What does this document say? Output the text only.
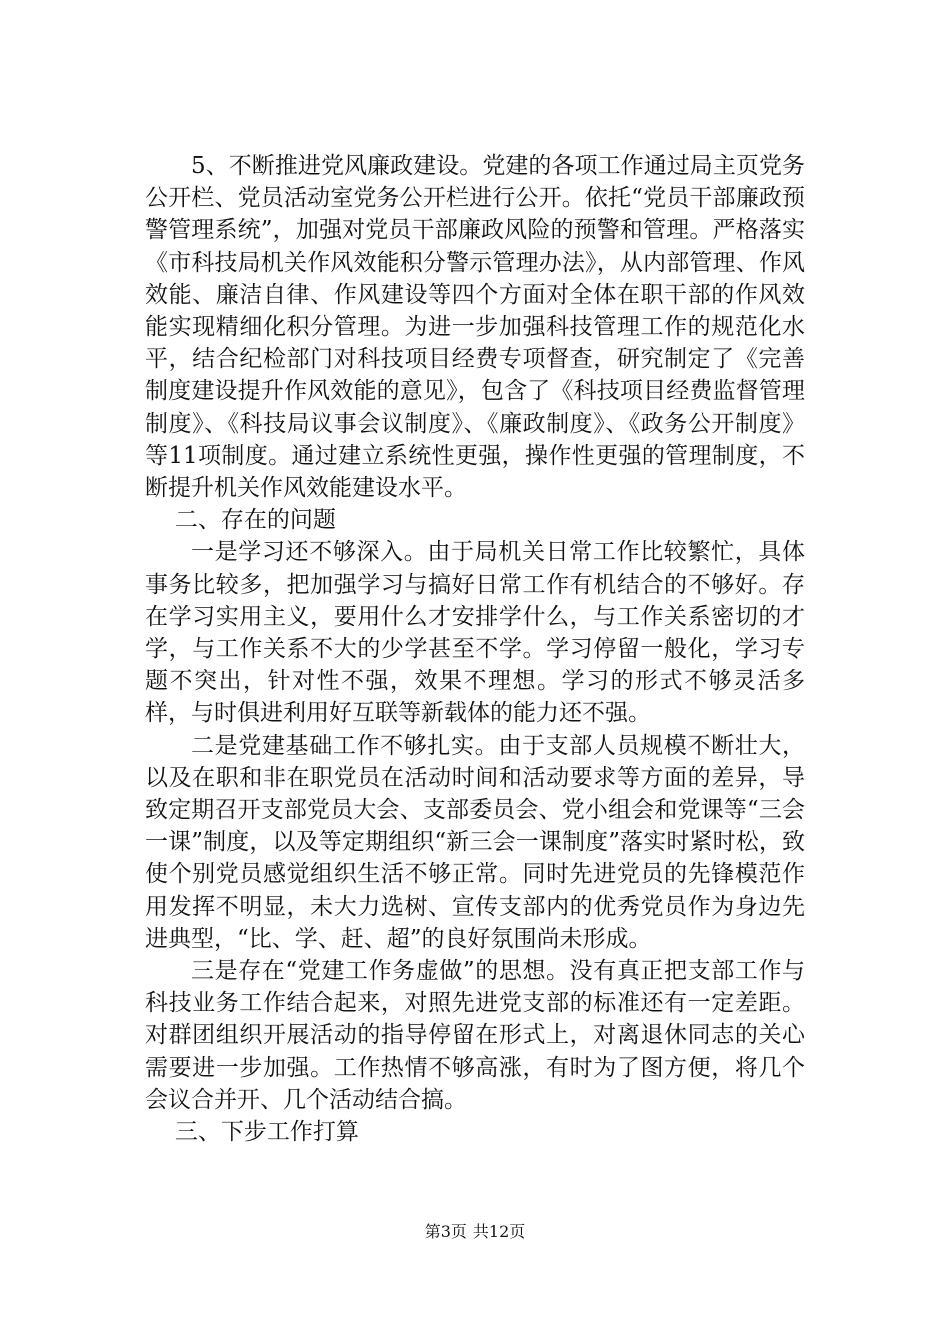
5、不断推进党风廉政建设。党建的各项工作通过局主页党务公开栏、党员活动室党务公开栏进行公开。依托“党员干部廉政预警管理系统”，加强对党员干部廉政风险的预警和管理。严格落实《市科技局机关作风效能积分警示管理办法》，从内部管理、作风效能、廉洁自律、作风建设等四个方面对全体在职干部的作风效能实现精细化积分管理。为进一步加强科技管理工作的规范化水平，结合纪检部门对科技项目经费专项督查，研究制定了《完善制度建设提升作风效能的意见》，包含了《科技项目经费监督管理制度》、《科技局议事会议制度》、《廉政制度》、《政务公开制度》等11项制度。通过建立系统性更强，操作性更强的管理制度，不断提升机关作风效能建设水平。

二、存在的问题

一是学习还不够深入。由于局机关日常工作比较繁忙，具体事务比较多，把加强学习与搞好日常工作有机结合的不够好。存在学习实用主义，要用什么才安排学什么，与工作关系密切的才学，与工作关系不大的少学甚至不学。学习停留一般化，学习专题不突出，针对性不强，效果不理想。学习的形式不够灵活多样，与时俱进利用好互联等新载体的能力还不强。

二是党建基础工作不够扎实。由于支部人员规模不断壮大，以及在职和非在职党员在活动时间和活动要求等方面的差异，导致定期召开支部党员大会、支部委员会、党小组会和党课等“三会一课”制度，以及等定期组织“新三会一课制度”落实时紧时松，致使个别党员感觉组织生活不够正常。同时先进党员的先锋模范作用发挥不明显，未大力选树、宣传支部内的优秀党员作为身边先进典型，“比、学、赶、超”的良好氛围尚未形成。

三是存在“党建工作务虚做”的思想。没有真正把支部工作与科技业务工作结合起来，对照先进党支部的标准还有一定差距。对群团组织开展活动的指导停留在形式上，对离退休同志的关心需要进一步加强。工作热情不够高涨，有时为了图方便，将几个会议合并开、几个活动结合搞。

三、下步工作打算

第3页 共12页
